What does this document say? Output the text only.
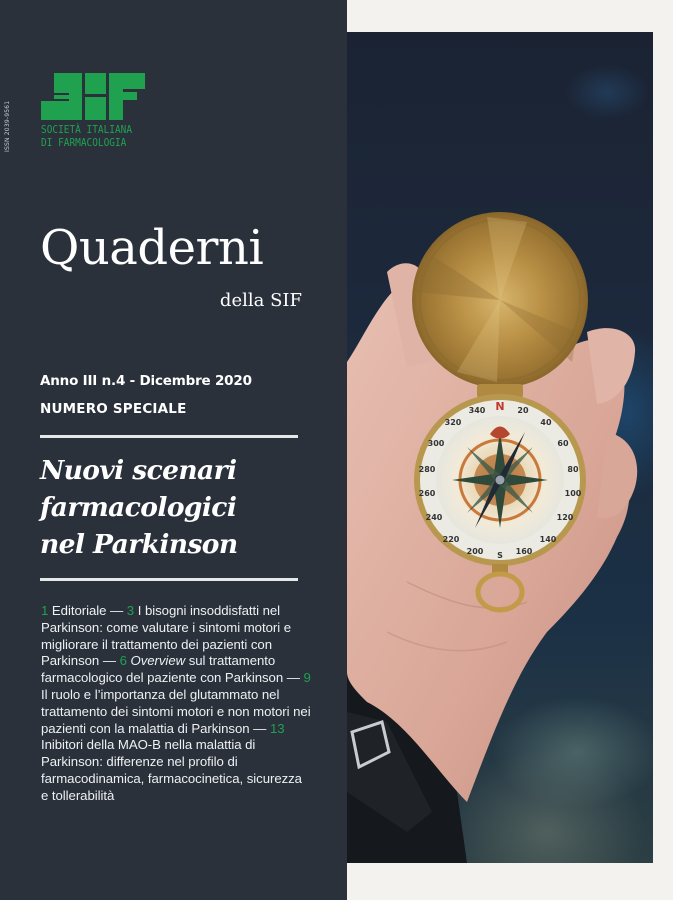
ISSN 2039-9561	SOCIETÀ ITALIANA
DI FARMACOLOGIA
Quaderni
della SIF
Anno III n.4 - Dicembre 2020
NUMERO SPECIALE
Nuovi scenari
farmacologici
nel Parkinson
1 Editoriale — 3 I bisogni insoddisfatti nel Parkinson: come valutare i sintomi motori e migliorare il trattamento dei pazienti con Parkinson — 6 Overview sul trattamento farmacologico del paziente con Parkinson — 9 Il ruolo e l’importanza del glutammato nel trattamento dei sintomi motori e non motori nei pazienti con la malattia di Parkinson — 13 Inibitori della MAO-B nella malattia di Parkinson: differenze nel profilo di farmacodinamica, farmacocinetica, sicurezza e tollerabilità
N 20
40
60
80
100
120
140
160
S
200
220
240
260
280
300
320
340
